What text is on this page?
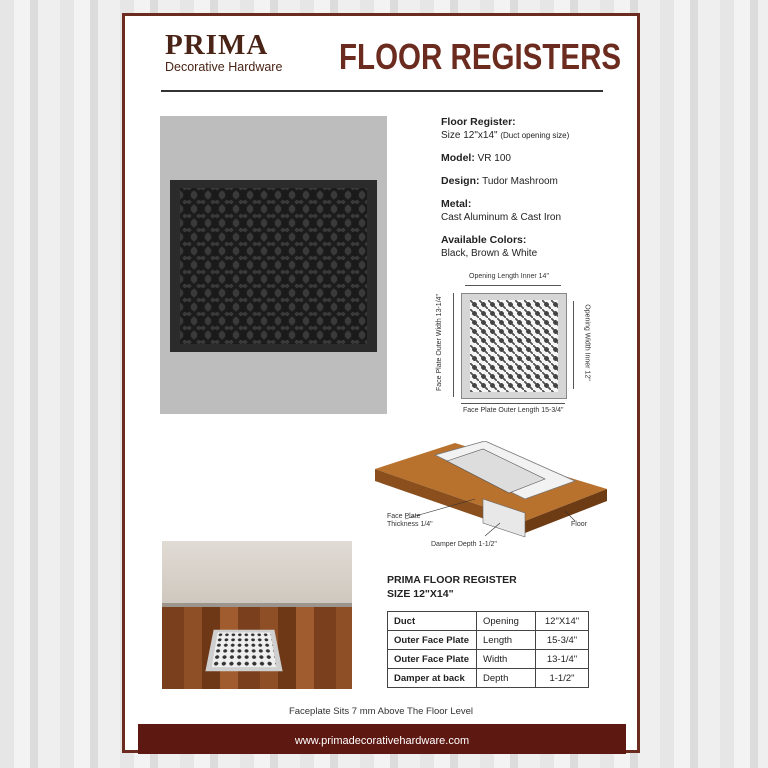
PRIMA
Decorative Hardware FLOOR REGISTERS
Floor Register:
Size 12"x14" (Duct opening size)
Model: VR 100
Design: Tudor Mashroom
Metal:
Cast Aluminum & Cast Iron
Available Colors:
Black, Brown & White
Opening Length Inner 14"
Face Plate Outer Width 13-1/4"	Opening Width Inner 12"
Face Plate Outer Length 15-3/4"
Face Plate Thickness 1/4"
Damper Depth 1-1/2"
Floor
PRIMA FLOOR REGISTER
SIZE 12"X14"
Duct	Opening	12"X14"
Outer Face Plate	Length	15-3/4"
Outer Face Plate	Width	13-1/4"
Damper at back	Depth	1-1/2"
Faceplate Sits 7 mm Above The Floor Level
www.primadecorativehardware.com
